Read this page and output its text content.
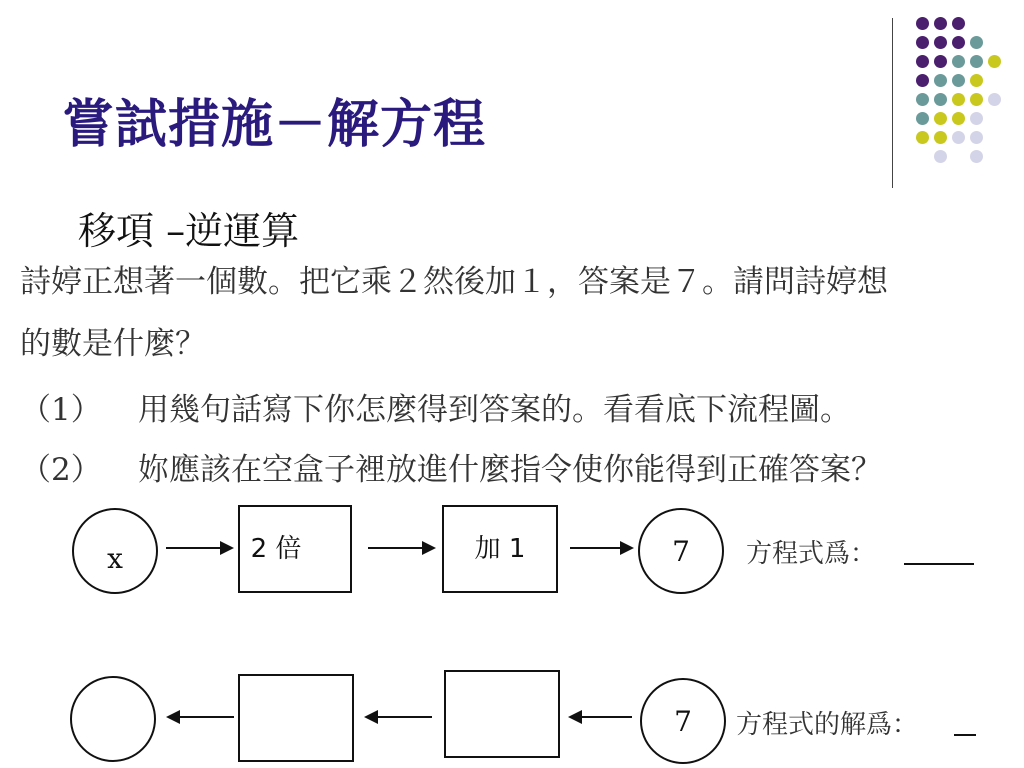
嘗試措施－解方程
移項 –逆運算
詩婷正想著一個數。把它乘２然後加１，答案是７。請問詩婷想
的數是什麼？
（1） 用幾句話寫下你怎麼得到答案的。看看底下流程圖。
（2） 妳應該在空盒子裡放進什麼指令使你能得到正確答案？
x	2 倍	加 1	7	方程式爲：
7	方程式的解爲：
